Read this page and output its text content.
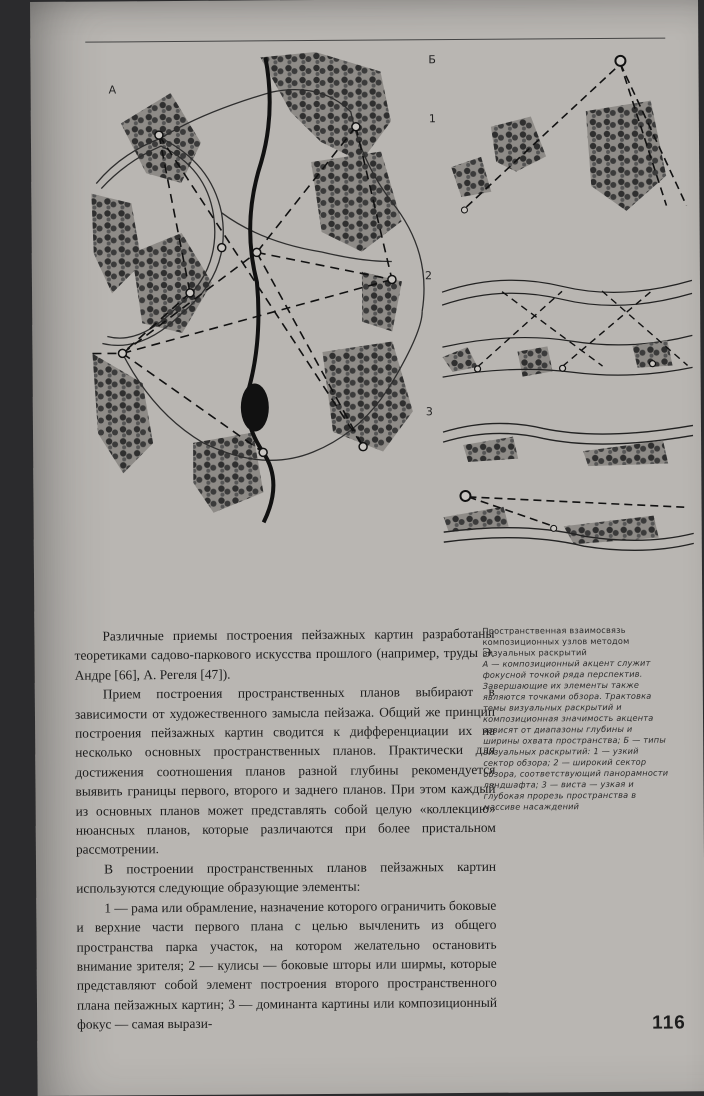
А
Б
1
2
3

Различные приемы построения пейзажных картин разработаны теоретиками садово-паркового искусства прошлого (например, труды Э. Андре [66], А. Регеля [47]).

Прием построения пространственных планов выбирают в зависимости от художественного замысла пейзажа. Общий же принцип построения пейзажных картин сводится к дифференциации их на несколько основных пространственных планов. Практически для достижения соотношения планов разной глубины рекомендуется выявить границы первого, второго и заднего планов. При этом каждый из основных планов может представлять собой целую «коллекцию» нюансных планов, которые различаются при более пристальном рассмотрении.

В построении пространственных планов пейзажных картин используются следующие образующие элементы:

1 — рама или обрамление, назначение которого ограничить боковые и верхние части первого плана с целью вычленить из общего пространства парка участок, на котором желательно остановить внимание зрителя; 2 — кулисы — боковые шторы или ширмы, которые представляют собой элемент построения второго пространственного плана пейзажных картин; 3 — доминанта картины или композиционный фокус — самая вырази-

Пространственная взаимосвязь композиционных узлов методом визуальных раскрытий
А — композиционный акцент служит фокусной точкой ряда перспектив. Завершающие их элементы также являются точками обзора. Трактовка темы визуальных раскрытий и композиционная значимость акцента зависят от диапазоны глубины и ширины охвата пространства; Б — типы визуальных раскрытий: 1 — узкий сектор обзора; 2 — широкий сектор обзора, соответствующий панорамности ландшафта; 3 — виста — узкая и глубокая прорезь пространства в массиве насаждений
116
